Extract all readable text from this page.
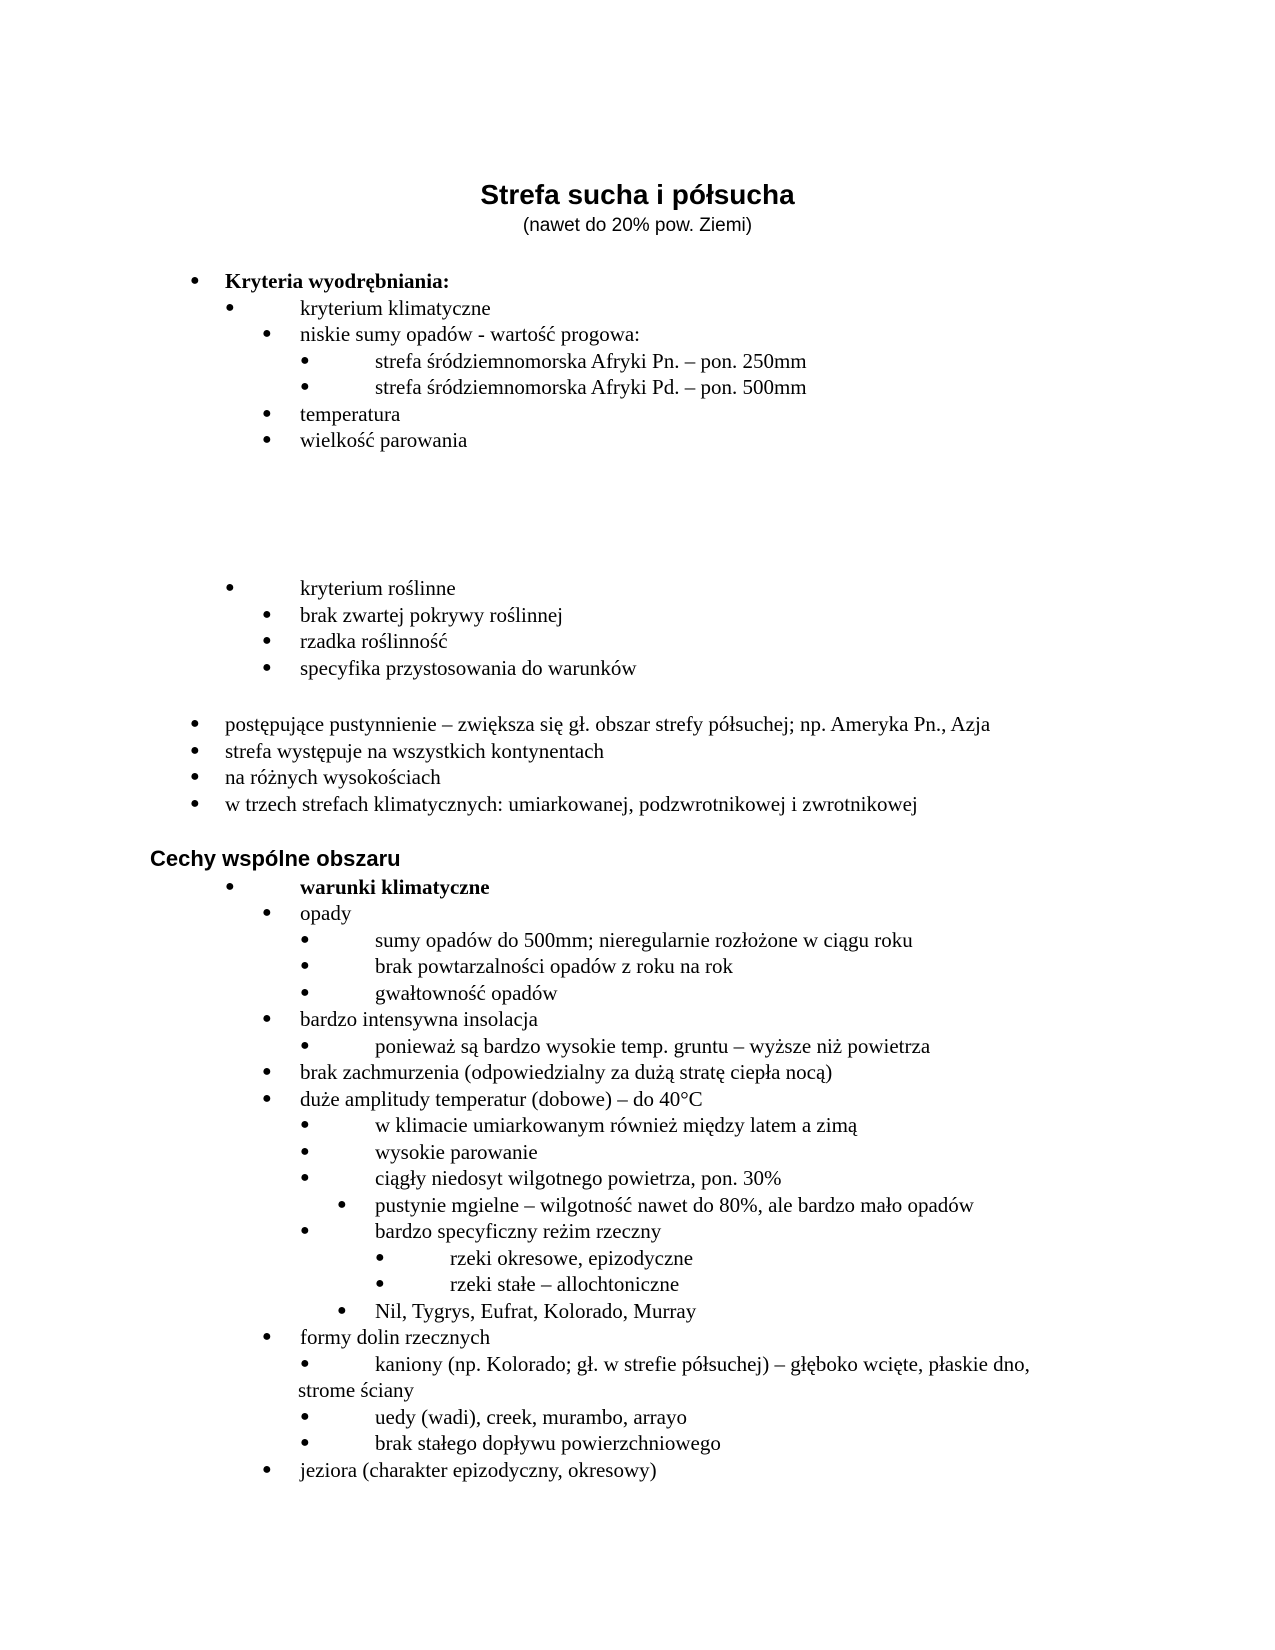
Strefa sucha i półsucha
(nawet do 20% pow. Ziemi)
● Kryteria wyodrębniania:
●	kryterium klimatyczne
● niskie sumy opadów - wartość progowa:
●	strefa śródziemnomorska Afryki Pn. – pon. 250mm
●	strefa śródziemnomorska Afryki Pd. – pon. 500mm
● temperatura
● wielkość parowania
●	kryterium roślinne
● brak zwartej pokrywy roślinnej
● rzadka roślinność
● specyfika przystosowania do warunków
● postępujące pustynnienie – zwiększa się gł. obszar strefy półsuchej; np. Ameryka Pn., Azja
● strefa występuje na wszystkich kontynentach
● na różnych wysokościach
● w trzech strefach klimatycznych: umiarkowanej, podzwrotnikowej i zwrotnikowej
Cechy wspólne obszaru
●	warunki klimatyczne
● opady
●	sumy opadów do 500mm; nieregularnie rozłożone w ciągu roku
●	brak powtarzalności opadów z roku na rok
●	gwałtowność opadów
● bardzo intensywna insolacja
●	ponieważ są bardzo wysokie temp. gruntu – wyższe niż powietrza
● brak zachmurzenia (odpowiedzialny za dużą stratę ciepła nocą)
● duże amplitudy temperatur (dobowe) – do 40°C
●	w klimacie umiarkowanym również między latem a zimą
●	wysokie parowanie
●	ciągły niedosyt wilgotnego powietrza, pon. 30%
● pustynie mgielne – wilgotność nawet do 80%, ale bardzo mało opadów
●	bardzo specyficzny reżim rzeczny
●	rzeki okresowe, epizodyczne
●	rzeki stałe – allochtoniczne
● Nil, Tygrys, Eufrat, Kolorado, Murray
● formy dolin rzecznych
●	kaniony (np. Kolorado; gł. w strefie półsuchej) – głęboko wcięte, płaskie dno,
strome ściany
●	uedy (wadi), creek, murambo, arrayo
●	brak stałego dopływu powierzchniowego
● jeziora (charakter epizodyczny, okresowy)
